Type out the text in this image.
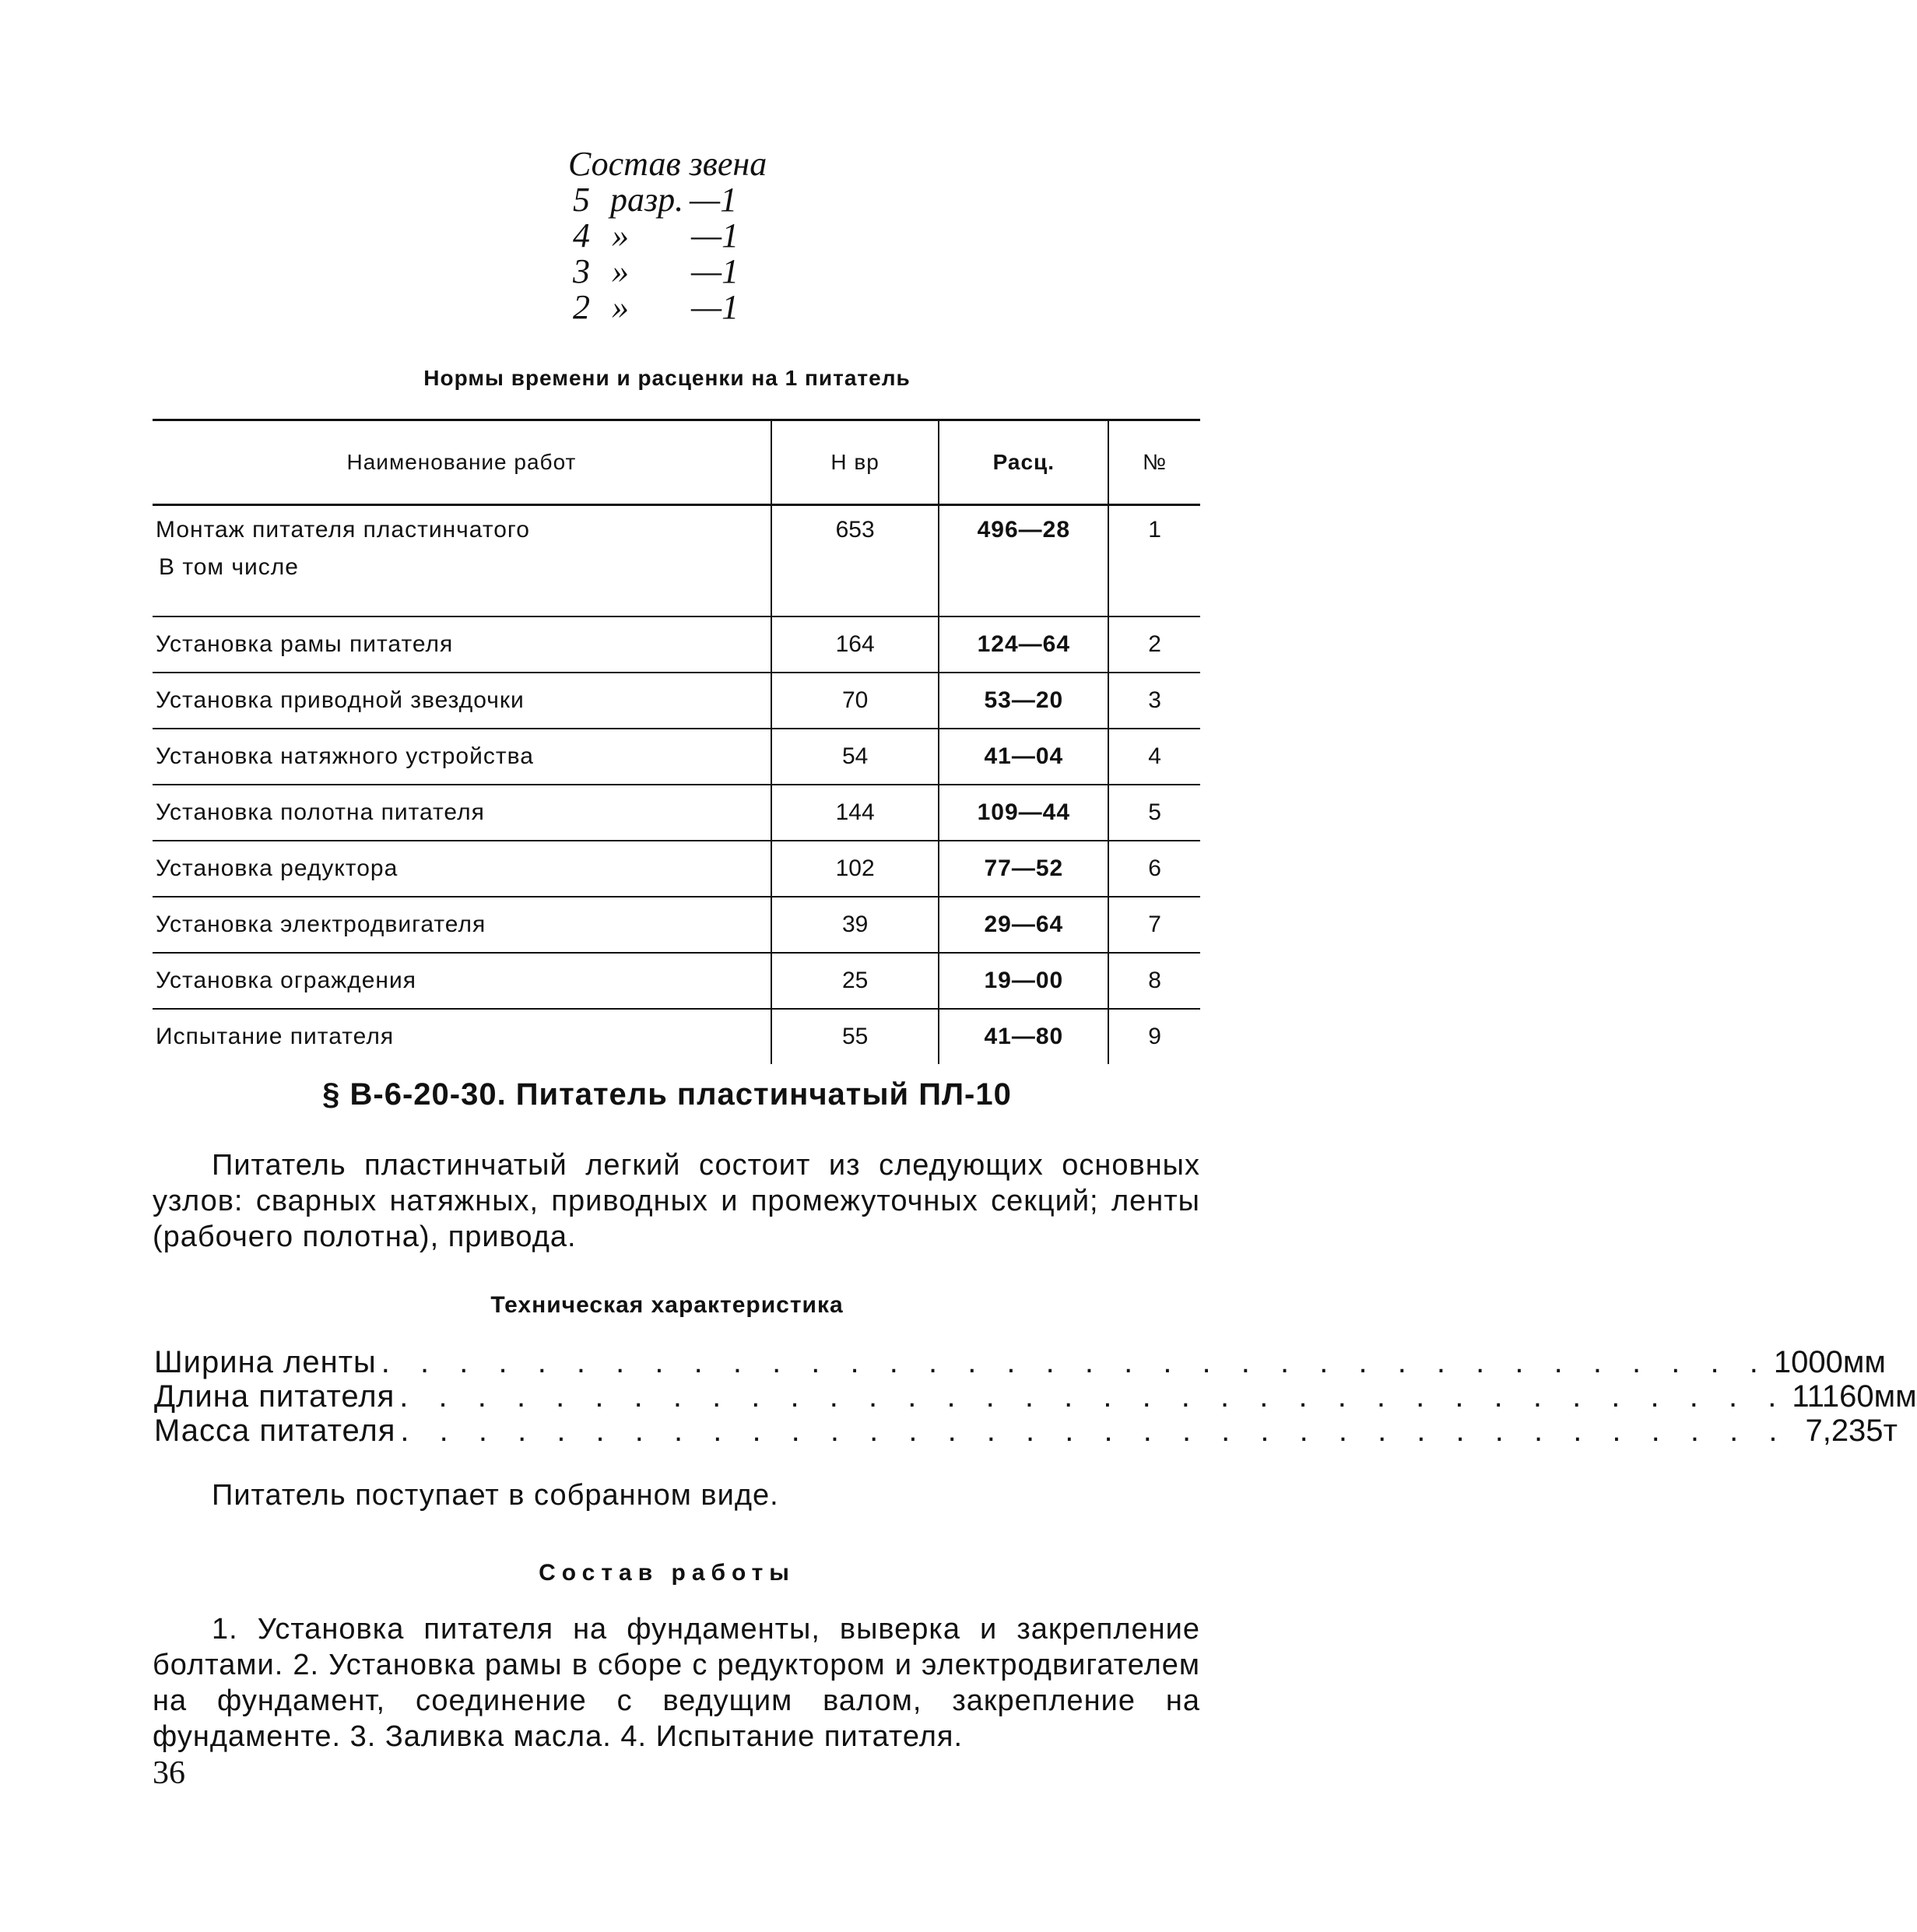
Состав звена
5 разр. —1
4 »	—1
3 »	—1
2 »	—1
Нормы времени и расценки на 1 питатель
Наименование работ	Н вр	Расц.	№

Монтаж питателя пластинчатого
В том числе	653	496—28	1
Установка рамы питателя	164	124—64	2
Установка приводной звездочки	70	53—20	3
Установка натяжного устройства	54	41—04	4
Установка полотна питателя	144	109—44	5
Установка редуктора	102	77—52	6
Установка электродвигателя	39	29—64	7
Установка ограждения	25	19—00	8
Испытание питателя	55	41—80	9
§ В-6-20-30. Питатель пластинчатый ПЛ-10
Питатель пластинчатый легкий состоит из следующих основных узлов: сварных натяжных, приводных и промежуточных секций; ленты (рабочего полотна), привода.
Техническая характеристика
Ширина ленты . . . . . . . . . . . . . . . . . . . . . . . . . . . . . . . . . . . . 1000 мм
Длина питателя . . . . . . . . . . . . . . . . . . . . . . . . . . . . . . . . . . . . 11160 мм
Масса питателя . . . . . . . . . . . . . . . . . . . . . . . . . . . . . . . . . . . . 7,235 т
Питатель поступает в собранном виде.
Состав работы
1. Установка питателя на фундаменты, выверка и закрепление болтами. 2. Установка рамы в сборе с редуктором и электродвигателем на фундамент, соединение с ведущим валом, закрепление на фундаменте. 3. Заливка масла. 4. Испытание питателя.
36
